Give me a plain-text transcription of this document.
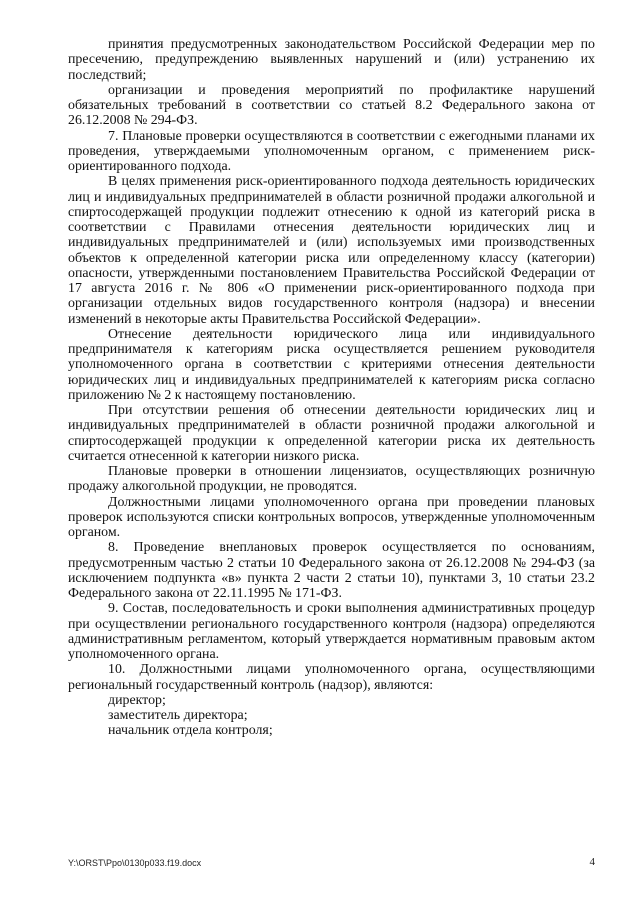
принятия предусмотренных законодательством Российской Федерации мер по пресечению, предупреждению выявленных нарушений и (или) устранению их последствий;

организации и проведения мероприятий по профилактике нарушений обязательных требований в соответствии со статьей 8.2 Федерального закона от 26.12.2008 № 294-ФЗ.

7. Плановые проверки осуществляются в соответствии с ежегодными планами их проведения, утверждаемыми уполномоченным органом, с применением риск-ориентированного подхода.

В целях применения риск-ориентированного подхода деятельность юридических лиц и индивидуальных предпринимателей в области розничной продажи алкогольной и спиртосодержащей продукции подлежит отнесению к одной из категорий риска в соответствии с Правилами отнесения деятельности юридических лиц и индивидуальных предпринимателей и (или) используемых ими производственных объектов к определенной категории риска или определенному классу (категории) опасности, утвержденными постановлением Правительства Российской Федерации от 17 августа 2016 г. № 806 «О применении риск-ориентированного подхода при организации отдельных видов государственного контроля (надзора) и внесении изменений в некоторые акты Правительства Российской Федерации».

Отнесение деятельности юридического лица или индивидуального предпринимателя к категориям риска осуществляется решением руководителя уполномоченного органа в соответствии с критериями отнесения деятельности юридических лиц и индивидуальных предпринимателей к категориям риска согласно приложению № 2 к настоящему постановлению.

При отсутствии решения об отнесении деятельности юридических лиц и индивидуальных предпринимателей в области розничной продажи алкогольной и спиртосодержащей продукции к определенной категории риска их деятельность считается отнесенной к категории низкого риска.

Плановые проверки в отношении лицензиатов, осуществляющих розничную продажу алкогольной продукции, не проводятся.

Должностными лицами уполномоченного органа при проведении плановых проверок используются списки контрольных вопросов, утвержденные уполномоченным органом.

8. Проведение внеплановых проверок осуществляется по основаниям, предусмотренным частью 2 статьи 10 Федерального закона от 26.12.2008 № 294-ФЗ (за исключением подпункта «в» пункта 2 части 2 статьи 10), пунктами 3, 10 статьи 23.2 Федерального закона от 22.11.1995 № 171-ФЗ.

9. Состав, последовательность и сроки выполнения административных процедур при осуществлении регионального государственного контроля (надзора) определяются административным регламентом, который утверждается нормативным правовым актом уполномоченного органа.

10. Должностными лицами уполномоченного органа, осуществляющими региональный государственный контроль (надзор), являются:

директор;

заместитель директора;

начальник отдела контроля;

Y:\ORST\Ppo\0130p033.f19.docx	4
